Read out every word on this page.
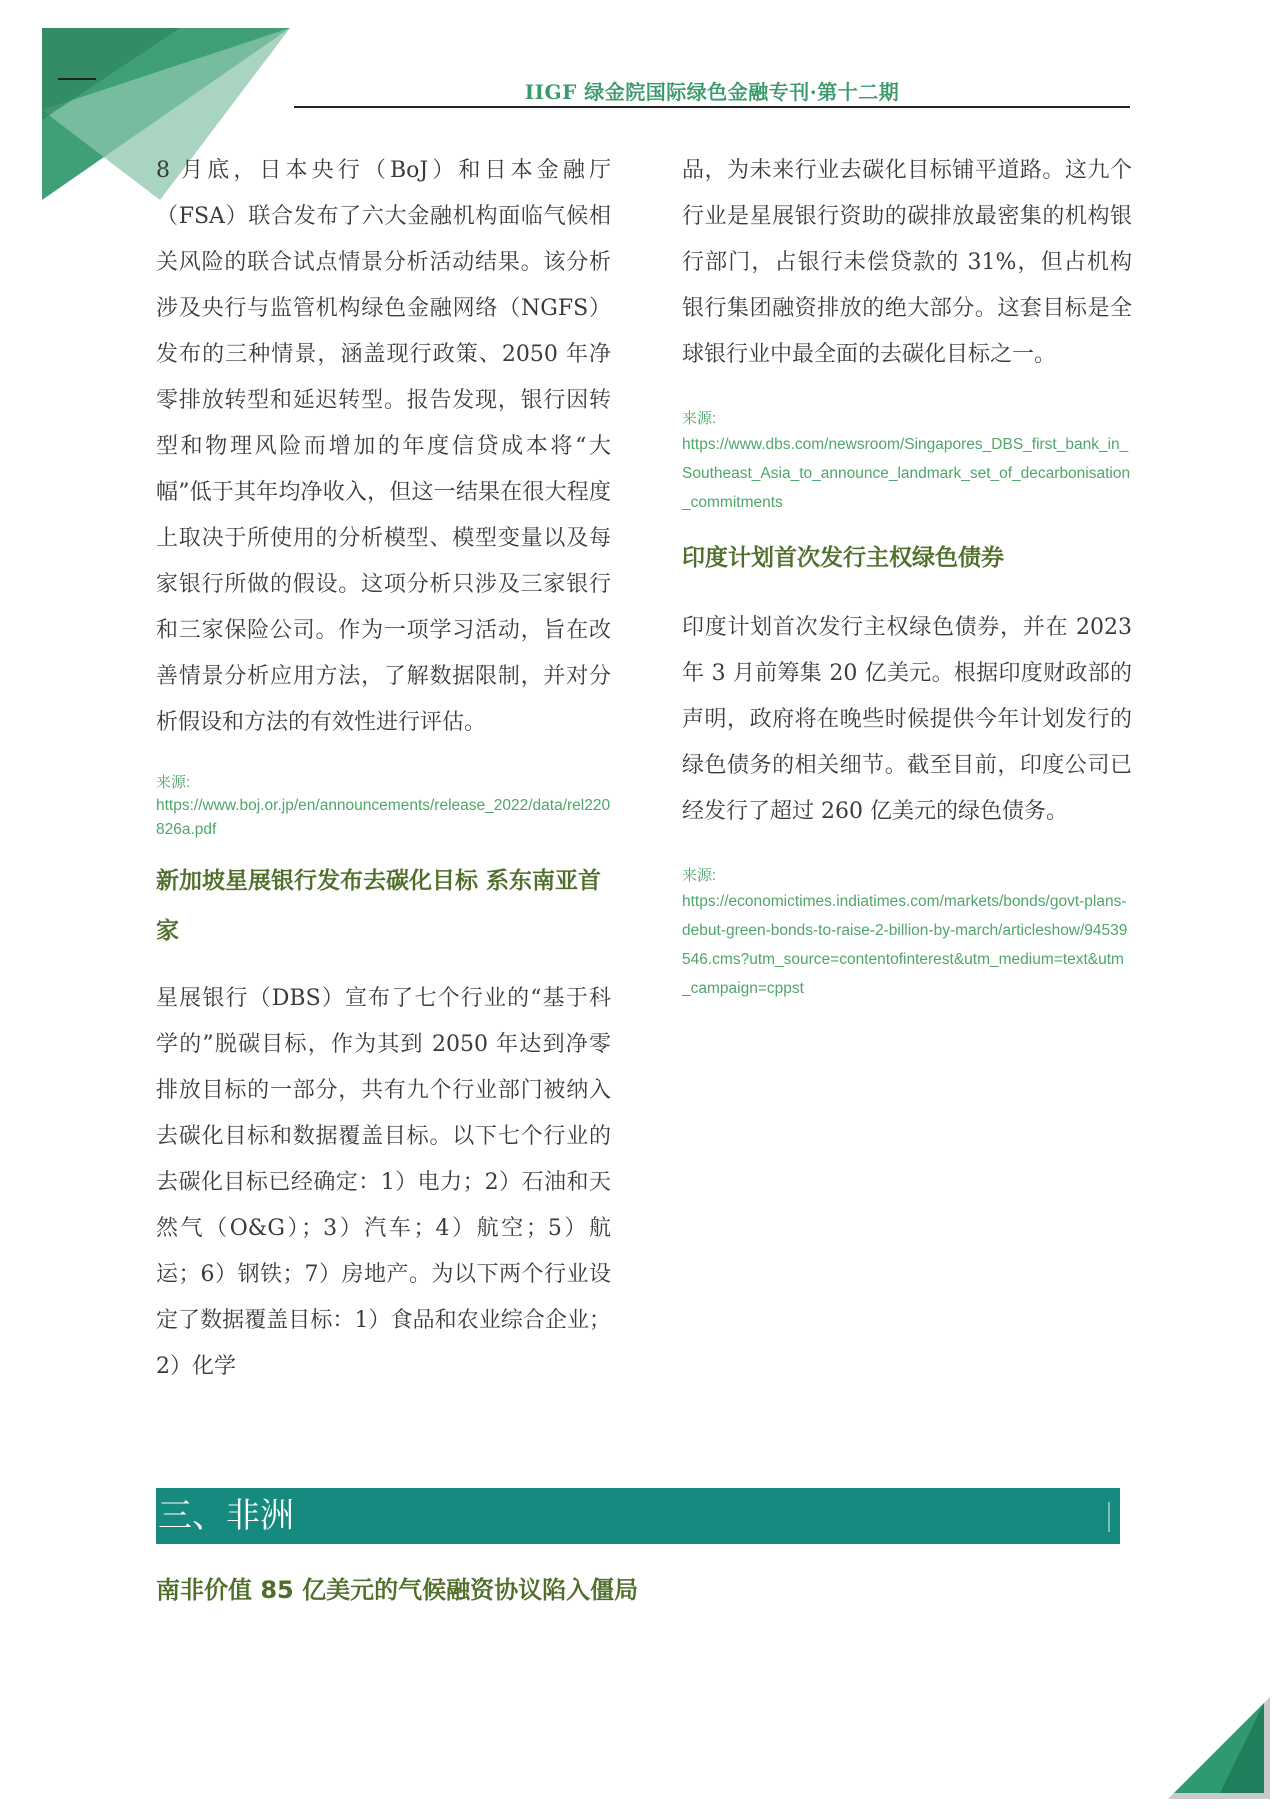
IIGF 绿金院国际绿色金融专刊·第十二期

8 月底，日本央行（BoJ）和日本金融厅（FSA）联合发布了六大金融机构面临气候相关风险的联合试点情景分析活动结果。该分析涉及央行与监管机构绿色金融网络（NGFS）发布的三种情景，涵盖现行政策、2050 年净零排放转型和延迟转型。报告发现，银行因转型和物理风险而增加的年度信贷成本将“大幅”低于其年均净收入，但这一结果在很大程度上取决于所使用的分析模型、模型变量以及每家银行所做的假设。这项分析只涉及三家银行和三家保险公司。作为一项学习活动，旨在改善情景分析应用方法，了解数据限制，并对分析假设和方法的有效性进行评估。

来源:
https://www.boj.or.jp/en/announcements/release_2022/data/rel220826a.pdf
新加坡星展银行发布去碳化目标 系东南亚首家

星展银行（DBS）宣布了七个行业的“基于科学的”脱碳目标，作为其到 2050 年达到净零排放目标的一部分，共有九个行业部门被纳入去碳化目标和数据覆盖目标。以下七个行业的去碳化目标已经确定：1）电力；2）石油和天然气（O&G）；3）汽车；4）航空；5）航运；6）钢铁；7）房地产。为以下两个行业设定了数据覆盖目标：1）食品和农业综合企业；2）化学

品，为未来行业去碳化目标铺平道路。这九个行业是星展银行资助的碳排放最密集的机构银行部门，占银行未偿贷款的 31%，但占机构银行集团融资排放的绝大部分。这套目标是全球银行业中最全面的去碳化目标之一。

来源:
https://www.dbs.com/newsroom/Singapores_DBS_first_bank_in_Southeast_Asia_to_announce_landmark_set_of_decarbonisation_commitments
印度计划首次发行主权绿色债券

印度计划首次发行主权绿色债券，并在 2023 年 3 月前筹集 20 亿美元。根据印度财政部的声明，政府将在晚些时候提供今年计划发行的绿色债务的相关细节。截至目前，印度公司已经发行了超过 260 亿美元的绿色债务。

来源:
https://economictimes.indiatimes.com/markets/bonds/govt-plans-debut-green-bonds-to-raise-2-billion-by-march/articleshow/94539546.cms?utm_source=contentofinterest&utm_medium=text&utm_campaign=cppst
三、非洲
南非价值 85 亿美元的气候融资协议陷入僵局
